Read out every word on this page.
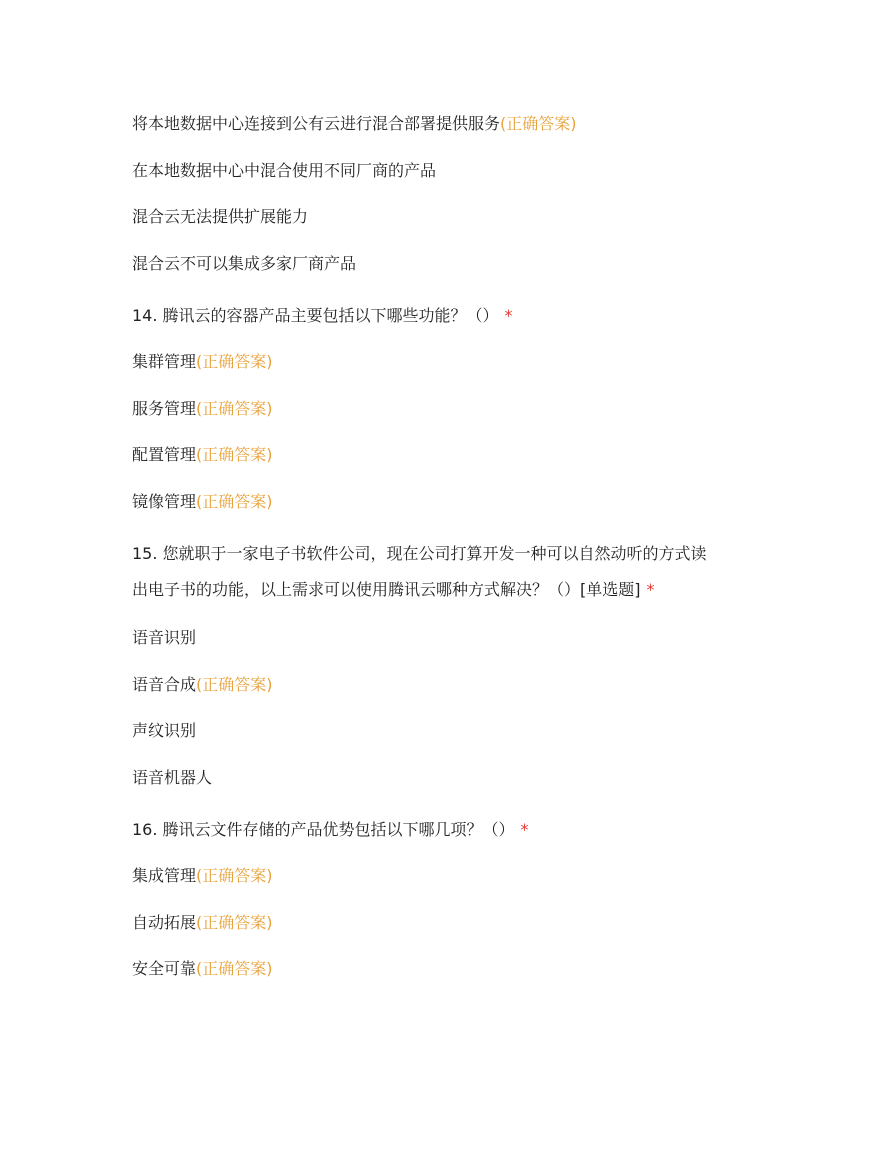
将本地数据中心连接到公有云进行混合部署提供服务(正确答案)
在本地数据中心中混合使用不同厂商的产品
混合云无法提供扩展能力
混合云不可以集成多家厂商产品
14. 腾讯云的容器产品主要包括以下哪些功能？（） *
集群管理(正确答案)
服务管理(正确答案)
配置管理(正确答案)
镜像管理(正确答案)
15. 您就职于一家电子书软件公司，现在公司打算开发一种可以自然动听的方式读
出电子书的功能，以上需求可以使用腾讯云哪种方式解决？（）[单选题] *
语音识别
语音合成(正确答案)
声纹识别
语音机器人
16. 腾讯云文件存储的产品优势包括以下哪几项？（） *
集成管理(正确答案)
自动拓展(正确答案)
安全可靠(正确答案)
